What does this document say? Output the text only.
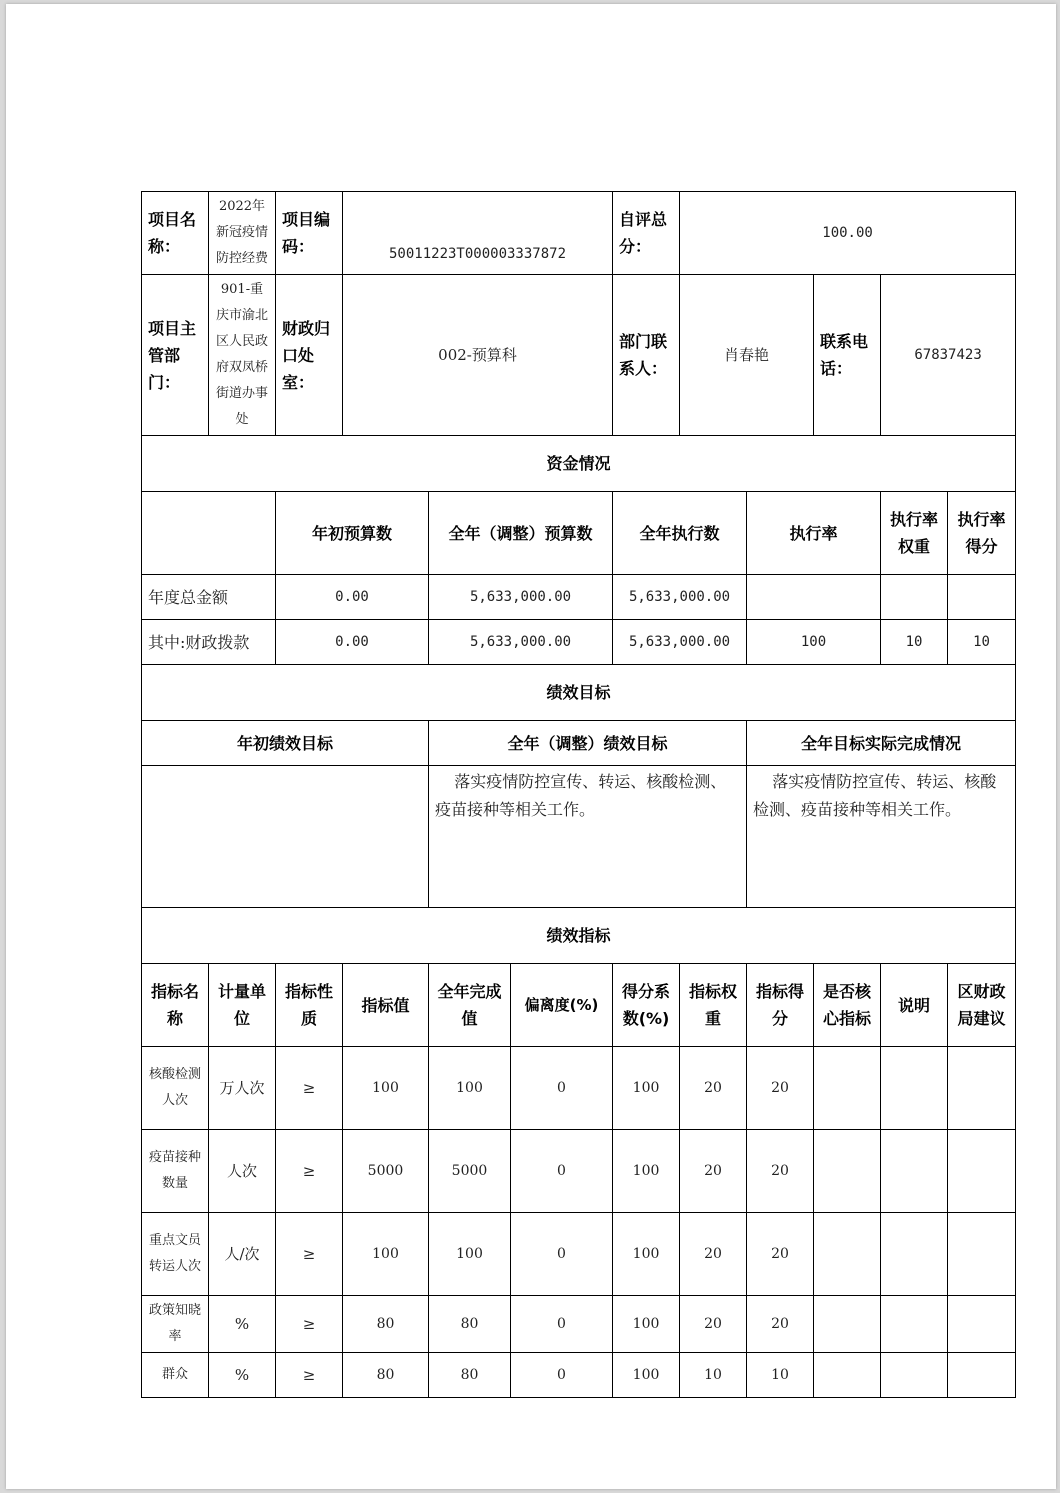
项目名称：	2022年新冠疫情防控经费	项目编码：	50011223T000003337872			自评总分：	100.00				
项目主管部门：	901-重庆市渝北区人民政府双凤桥街道办事处	财政归口处室：	002-预算科			部门联系人：	肖春艳		联系电话：	67837423	
资金情况											
		年初预算数		全年（调整）预算数		全年执行数		执行率		执行率权重	执行率得分
年度总金额		0.00		5,633,000.00		5,633,000.00					
其中:财政拨款		0.00		5,633,000.00		5,633,000.00		100		10	10
绩效目标											
年初绩效目标				全年（调整）绩效目标				全年目标实际完成情况			
				落实疫情防控宣传、转运、核酸检测、疫苗接种等相关工作。				落实疫情防控宣传、转运、核酸检测、疫苗接种等相关工作。			
绩效指标											
指标名称	计量单位	指标性质	指标值	全年完成值	偏离度(%)	得分系数(%)	指标权重	指标得分	是否核心指标	说明	区财政局建议
核酸检测人次	万人次	≥	100	100	0	100	20	20			
疫苗接种数量	人次	≥	5000	5000	0	100	20	20			
重点文员转运人次	人/次	≥	100	100	0	100	20	20			
政策知晓率	%	≥	80	80	0	100	20	20			
群众	%	≥	80	80	0	100	10	10			
